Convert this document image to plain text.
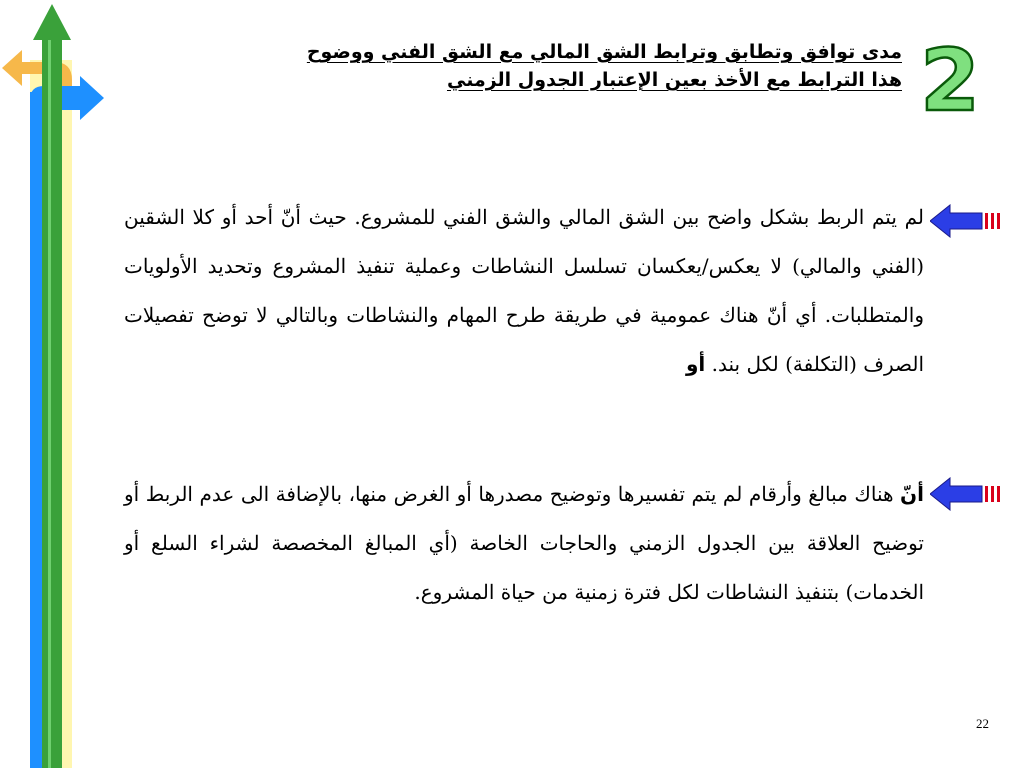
2
مدى توافق وتطابق وترابط الشق المالي مع الشق الفني ووضوح
هذا الترابط مع الأخذ بعين الإعتبار الجدول الزمني
لم يتم الربط بشكل واضح بين الشق المالي والشق الفني للمشروع. حيث أنّ أحد أو كلا الشقين (الفني والمالي) لا يعكس/يعكسان تسلسل النشاطات وعملية تنفيذ المشروع وتحديد الأولويات والمتطلبات. أي أنّ هناك عمومية في طريقة طرح المهام والنشاطات وبالتالي لا توضح تفصيلات الصرف (التكلفة) لكل بند. أو
أنّ هناك مبالغ وأرقام لم يتم تفسيرها وتوضيح مصدرها أو الغرض منها، بالإضافة الى عدم الربط أو توضيح العلاقة بين الجدول الزمني والحاجات الخاصة (أي المبالغ المخصصة لشراء السلع أو الخدمات) بتنفيذ النشاطات لكل فترة زمنية من حياة المشروع.
22
